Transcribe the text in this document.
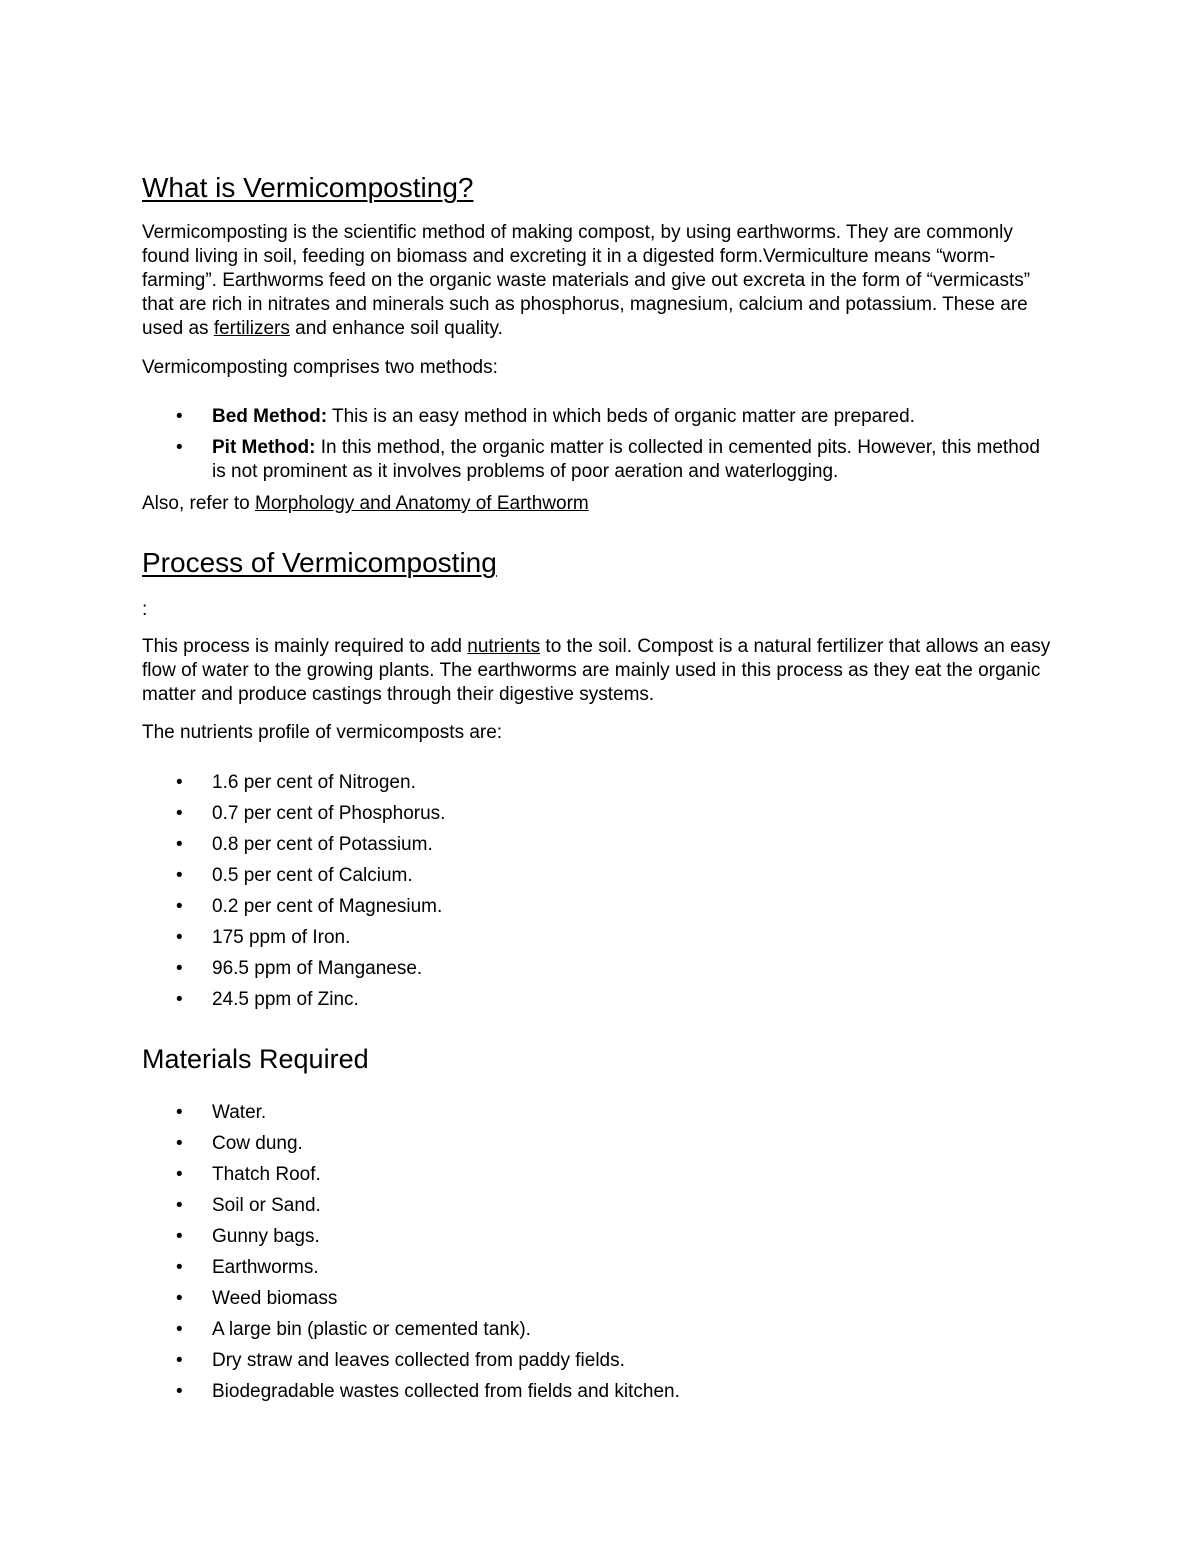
What is Vermicomposting?

Vermicomposting is the scientific method of making compost, by using earthworms. They are commonly found living in soil, feeding on biomass and excreting it in a digested form.Vermiculture means “worm-farming”. Earthworms feed on the organic waste materials and give out excreta in the form of “vermicasts” that are rich in nitrates and minerals such as phosphorus, magnesium, calcium and potassium. These are used as fertilizers and enhance soil quality.

Vermicomposting comprises two methods:

• Bed Method: This is an easy method in which beds of organic matter are prepared.
• Pit Method: In this method, the organic matter is collected in cemented pits. However, this method is not prominent as it involves problems of poor aeration and waterlogging.

Also, refer to Morphology and Anatomy of Earthworm

Process of Vermicomposting

:

This process is mainly required to add nutrients to the soil. Compost is a natural fertilizer that allows an easy flow of water to the growing plants. The earthworms are mainly used in this process as they eat the organic matter and produce castings through their digestive systems.

The nutrients profile of vermicomposts are:

• 1.6 per cent of Nitrogen.
• 0.7 per cent of Phosphorus.
• 0.8 per cent of Potassium.
• 0.5 per cent of Calcium.
• 0.2 per cent of Magnesium.
• 175 ppm of Iron.
• 96.5 ppm of Manganese.
• 24.5 ppm of Zinc.
Materials Required
• Water.
• Cow dung.
• Thatch Roof.
• Soil or Sand.
• Gunny bags.
• Earthworms.
• Weed biomass
• A large bin (plastic or cemented tank).
• Dry straw and leaves collected from paddy fields.
• Biodegradable wastes collected from fields and kitchen.
